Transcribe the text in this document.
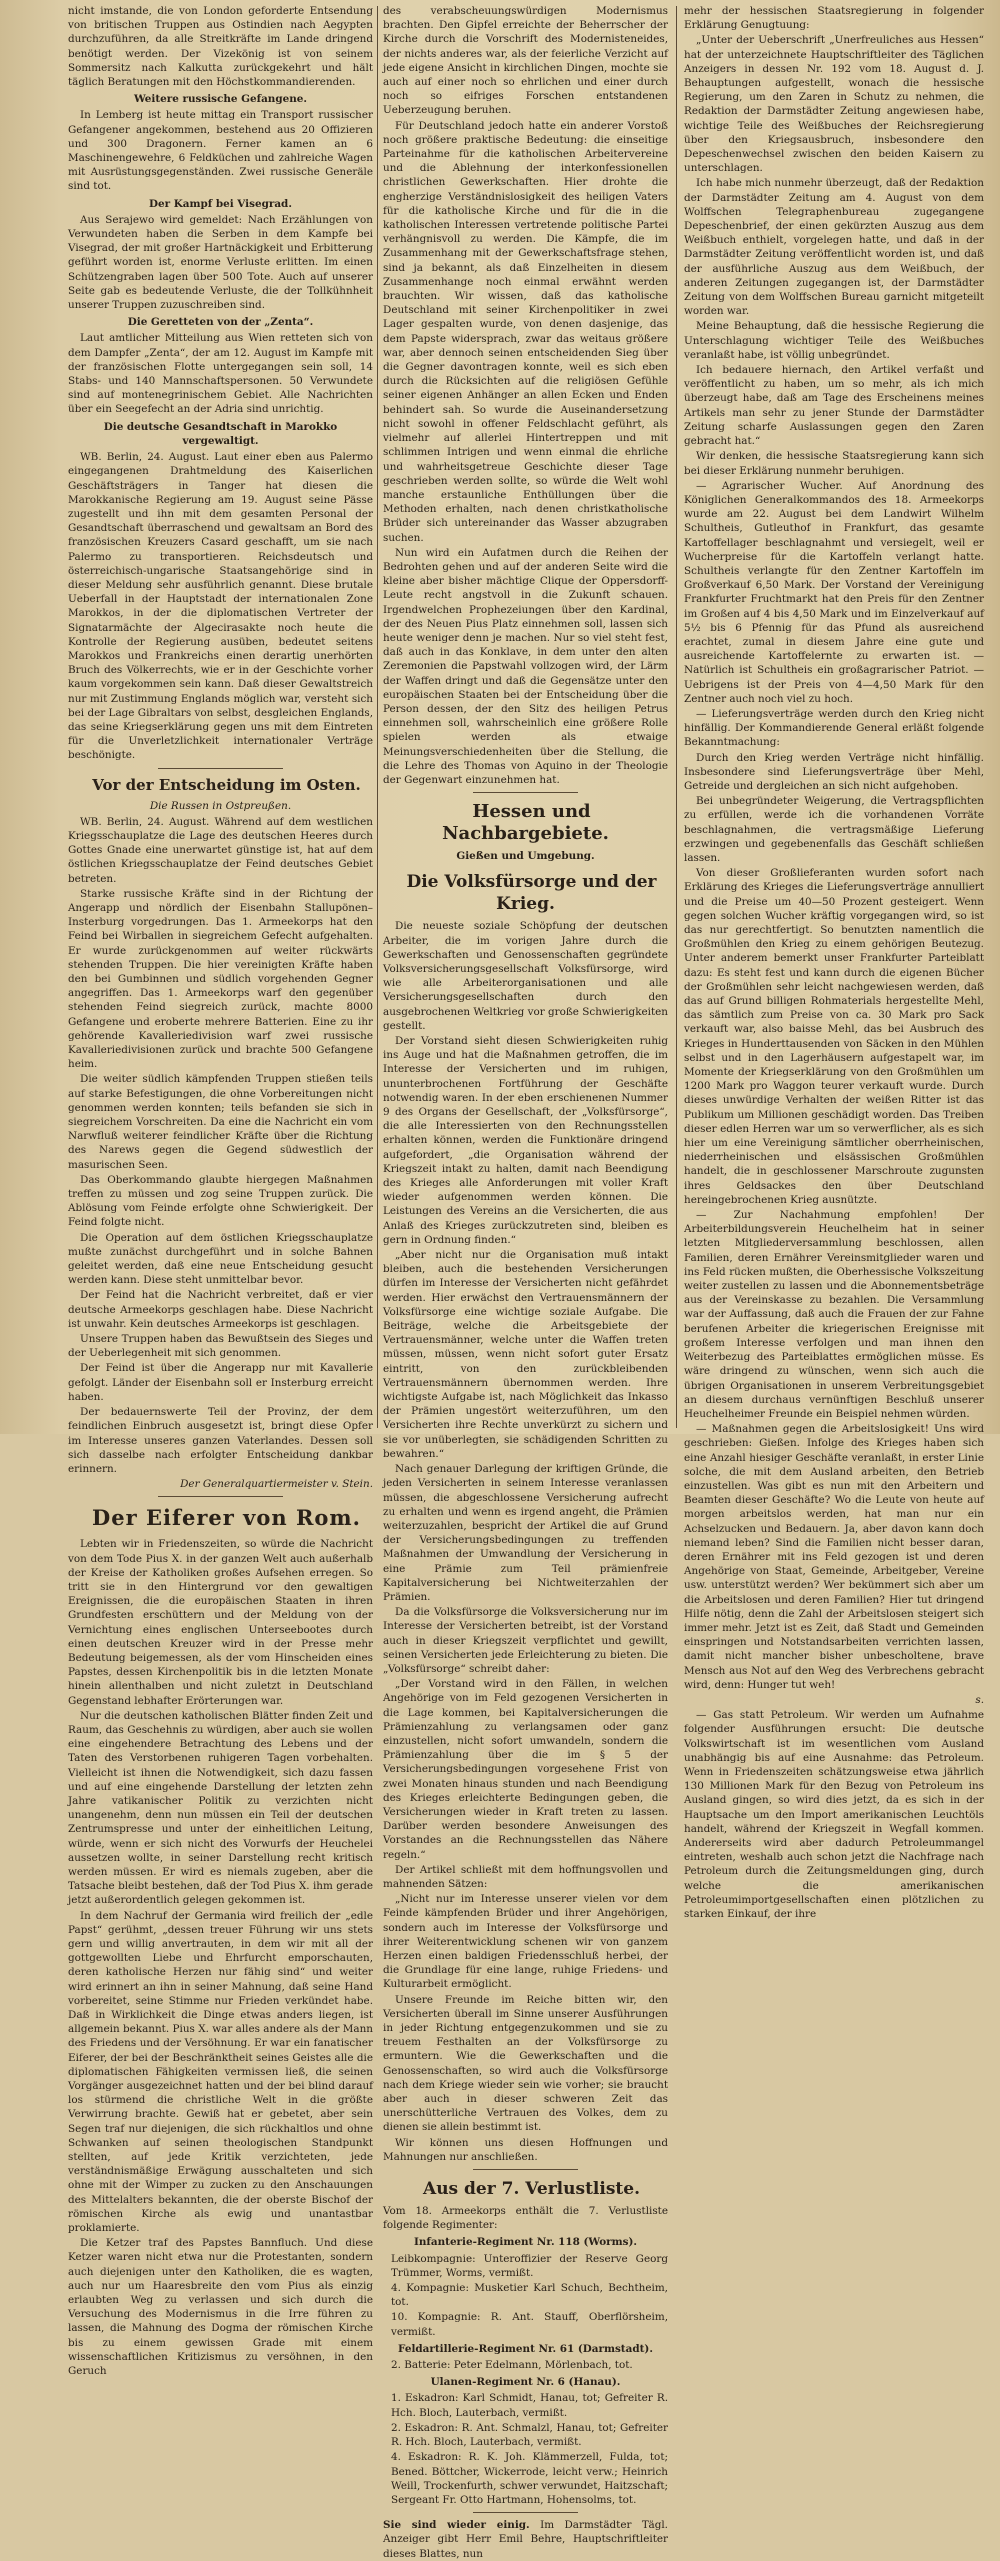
nicht imstande, die von London geforderte Entsendung von britischen Truppen aus Ostindien nach Aegypten durchzuführen, da alle Streitkräfte im Lande dringend benötigt werden. Der Vizekönig ist von seinem Sommersitz nach Kalkutta zurückgekehrt und hält täglich Beratungen mit den Höchstkommandierenden.

Weitere russische Gefangene.

In Lemberg ist heute mittag ein Transport russischer Gefangener angekommen, bestehend aus 20 Offizieren und 300 Dragonern. Ferner kamen an 6 Maschinengewehre, 6 Feldküchen und zahlreiche Wagen mit Ausrüstungsgegenständen. Zwei russische Generäle sind tot.

Der Kampf bei Visegrad.

Aus Serajewo wird gemeldet: Nach Erzählungen von Verwundeten haben die Serben in dem Kampfe bei Visegrad, der mit großer Hartnäckigkeit und Erbitterung geführt worden ist, enorme Verluste erlitten. Im einen Schützengraben lagen über 500 Tote. Auch auf unserer Seite gab es bedeutende Verluste, die der Tollkühnheit unserer Truppen zuzuschreiben sind.

Die Geretteten von der „Zenta“.

Laut amtlicher Mitteilung aus Wien retteten sich von dem Dampfer „Zenta“, der am 12. August im Kampfe mit der französischen Flotte untergegangen sein soll, 14 Stabs- und 140 Mannschaftspersonen. 50 Verwundete sind auf montenegrinischem Gebiet. Alle Nachrichten über ein Seegefecht an der Adria sind unrichtig.

Die deutsche Gesandtschaft in Marokko vergewaltigt.

WB. Berlin, 24. August. Laut einer eben aus Palermo eingegangenen Drahtmeldung des Kaiserlichen Geschäftsträgers in Tanger hat diesen die Marokkanische Regierung am 19. August seine Pässe zugestellt und ihn mit dem gesamten Personal der Gesandtschaft überraschend und gewaltsam an Bord des französischen Kreuzers Casard geschafft, um sie nach Palermo zu transportieren. Reichsdeutsch und österreichisch-ungarische Staatsangehörige sind in dieser Meldung sehr ausführlich genannt. Diese brutale Ueberfall in der Hauptstadt der internationalen Zone Marokkos, in der die diplomatischen Vertreter der Signatarmächte der Algecirasakte noch heute die Kontrolle der Regierung ausüben, bedeutet seitens Marokkos und Frankreichs einen derartig unerhörten Bruch des Völkerrechts, wie er in der Geschichte vorher kaum vorgekommen sein kann. Daß dieser Gewaltstreich nur mit Zustimmung Englands möglich war, versteht sich bei der Lage Gibraltars von selbst, desgleichen Englands, das seine Kriegserklärung gegen uns mit dem Eintreten für die Unverletzlichkeit internationaler Verträge beschönigte.

Vor der Entscheidung im Osten.

Die Russen in Ostpreußen.

WB. Berlin, 24. August. Während auf dem westlichen Kriegsschauplatze die Lage des deutschen Heeres durch Gottes Gnade eine unerwartet günstige ist, hat auf dem östlichen Kriegsschauplatze der Feind deutsches Gebiet betreten.

Starke russische Kräfte sind in der Richtung der Angerapp und nördlich der Eisenbahn Stallupönen–Insterburg vorgedrungen. Das 1. Armeekorps hat den Feind bei Wirballen in siegreichem Gefecht aufgehalten. Er wurde zurückgenommen auf weiter rückwärts stehenden Truppen. Die hier vereinigten Kräfte haben den bei Gumbinnen und südlich vorgehenden Gegner angegriffen. Das 1. Armeekorps warf den gegenüber stehenden Feind siegreich zurück, machte 8000 Gefangene und eroberte mehrere Batterien. Eine zu ihr gehörende Kavalleriedivision warf zwei russische Kavalleriedivisionen zurück und brachte 500 Gefangene heim.

Die weiter südlich kämpfenden Truppen stießen teils auf starke Befestigungen, die ohne Vorbereitungen nicht genommen werden konnten; teils befanden sie sich in siegreichem Vorschreiten. Da eine die Nachricht ein vom Narwfluß weiterer feindlicher Kräfte über die Richtung des Narews gegen die Gegend südwestlich der masurischen Seen.

Das Oberkommando glaubte hiergegen Maßnahmen treffen zu müssen und zog seine Truppen zurück. Die Ablösung vom Feinde erfolgte ohne Schwierigkeit. Der Feind folgte nicht.

Die Operation auf dem östlichen Kriegsschauplatze mußte zunächst durchgeführt und in solche Bahnen geleitet werden, daß eine neue Entscheidung gesucht werden kann. Diese steht unmittelbar bevor.

Der Feind hat die Nachricht verbreitet, daß er vier deutsche Armeekorps geschlagen habe. Diese Nachricht ist unwahr. Kein deutsches Armeekorps ist geschlagen.

Unsere Truppen haben das Bewußtsein des Sieges und der Ueberlegenheit mit sich genommen.

Der Feind ist über die Angerapp nur mit Kavallerie gefolgt. Länder der Eisenbahn soll er Insterburg erreicht haben.

Der bedauernswerte Teil der Provinz, der dem feindlichen Einbruch ausgesetzt ist, bringt diese Opfer im Interesse unseres ganzen Vaterlandes. Dessen soll sich dasselbe nach erfolgter Entscheidung dankbar erinnern.

Der Generalquartiermeister v. Stein.

Der Eiferer von Rom.

Lebten wir in Friedenszeiten, so würde die Nachricht von dem Tode Pius X. in der ganzen Welt auch außerhalb der Kreise der Katholiken großes Aufsehen erregen. So tritt sie in den Hintergrund vor den gewaltigen Ereignissen, die die europäischen Staaten in ihren Grundfesten erschüttern und der Meldung von der Vernichtung eines englischen Unterseebootes durch einen deutschen Kreuzer wird in der Presse mehr Bedeutung beigemessen, als der vom Hinscheiden eines Papstes, dessen Kirchenpolitik bis in die letzten Monate hinein allenthalben und nicht zuletzt in Deutschland Gegenstand lebhafter Erörterungen war.

Nur die deutschen katholischen Blätter finden Zeit und Raum, das Geschehnis zu würdigen, aber auch sie wollen eine eingehendere Betrachtung des Lebens und der Taten des Verstorbenen ruhigeren Tagen vorbehalten. Vielleicht ist ihnen die Notwendigkeit, sich dazu fassen und auf eine eingehende Darstellung der letzten zehn Jahre vatikanischer Politik zu verzichten nicht unangenehm, denn nun müssen ein Teil der deutschen Zentrumspresse und unter der einheitlichen Leitung, würde, wenn er sich nicht des Vorwurfs der Heuchelei aussetzen wollte, in seiner Darstellung recht kritisch werden müssen. Er wird es niemals zugeben, aber die Tatsache bleibt bestehen, daß der Tod Pius X. ihm gerade jetzt außerordentlich gelegen gekommen ist.

In dem Nachruf der Germania wird freilich der „edle Papst“ gerühmt, „dessen treuer Führung wir uns stets gern und willig anvertrauten, in dem wir mit all der gottgewollten Liebe und Ehrfurcht emporschauten, deren katholische Herzen nur fähig sind“ und weiter wird erinnert an ihn in seiner Mahnung, daß seine Hand vorbereitet, seine Stimme nur Frieden verkündet habe. Daß in Wirklichkeit die Dinge etwas anders liegen, ist allgemein bekannt. Pius X. war alles andere als der Mann des Friedens und der Versöhnung. Er war ein fanatischer Eiferer, der bei der Beschränktheit seines Geistes alle die diplomatischen Fähigkeiten vermissen ließ, die seinen Vorgänger ausgezeichnet hatten und der bei blind darauf los stürmend die christliche Welt in die größte Verwirrung brachte. Gewiß hat er gebetet, aber sein Segen traf nur diejenigen, die sich rückhaltlos und ohne Schwanken auf seinen theologischen Standpunkt stellten, auf jede Kritik verzichteten, jede verständnismäßige Erwägung ausschalteten und sich ohne mit der Wimper zu zucken zu den Anschauungen des Mittelalters bekannten, die der oberste Bischof der römischen Kirche als ewig und unantastbar proklamierte.

Die Ketzer traf des Papstes Bannfluch. Und diese Ketzer waren nicht etwa nur die Protestanten, sondern auch diejenigen unter den Katholiken, die es wagten, auch nur um Haaresbreite den vom Pius als einzig erlaubten Weg zu verlassen und sich durch die Versuchung des Modernismus in die Irre führen zu lassen, die Mahnung des Dogma der römischen Kirche bis zu einem gewissen Grade mit einem wissenschaftlichen Kritizismus zu versöhnen, in den Geruch

des verabscheuungswürdigen Modernismus brachten. Den Gipfel erreichte der Beherrscher der Kirche durch die Vorschrift des Modernisteneides, der nichts anderes war, als der feierliche Verzicht auf jede eigene Ansicht in kirchlichen Dingen, mochte sie auch auf einer noch so ehrlichen und einer durch noch so eifriges Forschen entstandenen Ueberzeugung beruhen.

Für Deutschland jedoch hatte ein anderer Vorstoß noch größere praktische Bedeutung: die einseitige Parteinahme für die katholischen Arbeitervereine und die Ablehnung der interkonfessionellen christlichen Gewerkschaften. Hier drohte die engherzige Verständnislosigkeit des heiligen Vaters für die katholische Kirche und für die in die katholischen Interessen vertretende politische Partei verhängnisvoll zu werden. Die Kämpfe, die im Zusammenhang mit der Gewerkschaftsfrage stehen, sind ja bekannt, als daß Einzelheiten in diesem Zusammenhange noch einmal erwähnt werden brauchten. Wir wissen, daß das katholische Deutschland mit seiner Kirchenpolitiker in zwei Lager gespalten wurde, von denen dasjenige, das dem Papste widersprach, zwar das weitaus größere war, aber dennoch seinen entscheidenden Sieg über die Gegner davontragen konnte, weil es sich eben durch die Rücksichten auf die religiösen Gefühle seiner eigenen Anhänger an allen Ecken und Enden behindert sah. So wurde die Auseinandersetzung nicht sowohl in offener Feldschlacht geführt, als vielmehr auf allerlei Hintertreppen und mit schlimmen Intrigen und wenn einmal die ehrliche und wahrheitsgetreue Geschichte dieser Tage geschrieben werden sollte, so würde die Welt wohl manche erstaunliche Enthüllungen über die Methoden erhalten, nach denen christkatholische Brüder sich untereinander das Wasser abzugraben suchen.

Nun wird ein Aufatmen durch die Reihen der Bedrohten gehen und auf der anderen Seite wird die kleine aber bisher mächtige Clique der Oppersdorff-Leute recht angstvoll in die Zukunft schauen. Irgendwelchen Prophezeiungen über den Kardinal, der des Neuen Pius Platz einnehmen soll, lassen sich heute weniger denn je machen. Nur so viel steht fest, daß auch in das Konklave, in dem unter den alten Zeremonien die Papstwahl vollzogen wird, der Lärm der Waffen dringt und daß die Gegensätze unter den europäischen Staaten bei der Entscheidung über die Person dessen, der den Sitz des heiligen Petrus einnehmen soll, wahrscheinlich eine größere Rolle spielen werden als etwaige Meinungsverschiedenheiten über die Stellung, die die Lehre des Thomas von Aquino in der Theologie der Gegenwart einzunehmen hat.

Hessen und Nachbargebiete.

Gießen und Umgebung.

Die Volksfürsorge und der Krieg.

Die neueste soziale Schöpfung der deutschen Arbeiter, die im vorigen Jahre durch die Gewerkschaften und Genossenschaften gegründete Volksversicherungsgesellschaft Volksfürsorge, wird wie alle Arbeiterorganisationen und alle Versicherungsgesellschaften durch den ausgebrochenen Weltkrieg vor große Schwierigkeiten gestellt.

Der Vorstand sieht diesen Schwierigkeiten ruhig ins Auge und hat die Maßnahmen getroffen, die im Interesse der Versicherten und im ruhigen, ununterbrochenen Fortführung der Geschäfte notwendig waren. In der eben erschienenen Nummer 9 des Organs der Gesellschaft, der „Volksfürsorge“, die alle Interessierten von den Rechnungsstellen erhalten können, werden die Funktionäre dringend aufgefordert, „die Organisation während der Kriegszeit intakt zu halten, damit nach Beendigung des Krieges alle Anforderungen mit voller Kraft wieder aufgenommen werden können. Die Leistungen des Vereins an die Versicherten, die aus Anlaß des Krieges zurückzutreten sind, bleiben es gern in Ordnung finden.“

„Aber nicht nur die Organisation muß intakt bleiben, auch die bestehenden Versicherungen dürfen im Interesse der Versicherten nicht gefährdet werden. Hier erwächst den Vertrauensmännern der Volksfürsorge eine wichtige soziale Aufgabe. Die Beiträge, welche die Arbeitsgebiete der Vertrauensmänner, welche unter die Waffen treten müssen, müssen, wenn nicht sofort guter Ersatz eintritt, von den zurückbleibenden Vertrauensmännern übernommen werden. Ihre wichtigste Aufgabe ist, nach Möglichkeit das Inkasso der Prämien ungestört weiterzuführen, um den Versicherten ihre Rechte unverkürzt zu sichern und sie vor unüberlegten, sie schädigenden Schritten zu bewahren.“

Nach genauer Darlegung der kriftigen Gründe, die jeden Versicherten in seinem Interesse veranlassen müssen, die abgeschlossene Versicherung aufrecht zu erhalten und wenn es irgend angeht, die Prämien weiterzuzahlen, bespricht der Artikel die auf Grund der Versicherungsbedingungen zu treffenden Maßnahmen der Umwandlung der Versicherung in eine Prämie zum Teil prämienfreie Kapitalversicherung bei Nichtweiterzahlen der Prämien.

Da die Volksfürsorge die Volksversicherung nur im Interesse der Versicherten betreibt, ist der Vorstand auch in dieser Kriegszeit verpflichtet und gewillt, seinen Versicherten jede Erleichterung zu bieten. Die „Volksfürsorge“ schreibt daher:

„Der Vorstand wird in den Fällen, in welchen Angehörige von im Feld gezogenen Versicherten in die Lage kommen, bei Kapitalversicherungen die Prämienzahlung zu verlangsamen oder ganz einzustellen, nicht sofort umwandeln, sondern die Prämienzahlung über die im § 5 der Versicherungsbedingungen vorgesehene Frist von zwei Monaten hinaus stunden und nach Beendigung des Krieges erleichterte Bedingungen geben, die Versicherungen wieder in Kraft treten zu lassen. Darüber werden besondere Anweisungen des Vorstandes an die Rechnungsstellen das Nähere regeln.“

Der Artikel schließt mit dem hoffnungsvollen und mahnenden Sätzen:

„Nicht nur im Interesse unserer vielen vor dem Feinde kämpfenden Brüder und ihrer Angehörigen, sondern auch im Interesse der Volksfürsorge und ihrer Weiterentwicklung schenen wir von ganzem Herzen einen baldigen Friedensschluß herbei, der die Grundlage für eine lange, ruhige Friedens- und Kulturarbeit ermöglicht.

Unsere Freunde im Reiche bitten wir, den Versicherten überall im Sinne unserer Ausführungen in jeder Richtung entgegenzukommen und sie zu treuem Festhalten an der Volksfürsorge zu ermuntern. Wie die Gewerkschaften und die Genossenschaften, so wird auch die Volksfürsorge nach dem Kriege wieder sein wie vorher; sie braucht aber auch in dieser schweren Zeit das unerschütterliche Vertrauen des Volkes, dem zu dienen sie allein bestimmt ist.

Wir können uns diesen Hoffnungen und Mahnungen nur anschließen.

Aus der 7. Verlustliste.

Vom 18. Armeekorps enthält die 7. Verlustliste folgende Regimenter:

Infanterie-Regiment Nr. 118 (Worms).

Leibkompagnie: Unteroffizier der Reserve Georg Trümmer, Worms, vermißt.

4. Kompagnie: Musketier Karl Schuch, Bechtheim, tot.

10. Kompagnie: R. Ant. Stauff, Oberflörsheim, vermißt.

Feldartillerie-Regiment Nr. 61 (Darmstadt).

2. Batterie: Peter Edelmann, Mörlenbach, tot.

Ulanen-Regiment Nr. 6 (Hanau).

1. Eskadron: Karl Schmidt, Hanau, tot; Gefreiter R. Hch. Bloch, Lauterbach, vermißt.

2. Eskadron: R. Ant. Schmalzl, Hanau, tot; Gefreiter R. Hch. Bloch, Lauterbach, vermißt.

4. Eskadron: R. K. Joh. Klämmerzell, Fulda, tot; Bened. Böttcher, Wickerrode, leicht verw.; Heinrich Weill, Trockenfurth, schwer verwundet, Haitzschaft; Sergeant Fr. Otto Hartmann, Hohensolms, tot.

Sie sind wieder einig. Im Darmstädter Tägl. Anzeiger gibt Herr Emil Behre, Hauptschriftleiter dieses Blattes, nun

mehr der hessischen Staatsregierung in folgender Erklärung Genugtuung:

„Unter der Ueberschrift „Unerfreuliches aus Hessen“ hat der unterzeichnete Hauptschriftleiter des Täglichen Anzeigers in dessen Nr. 192 vom 18. August d. J. Behauptungen aufgestellt, wonach die hessische Regierung, um den Zaren in Schutz zu nehmen, die Redaktion der Darmstädter Zeitung angewiesen habe, wichtige Teile des Weißbuches der Reichsregierung über den Kriegsausbruch, insbesondere den Depeschenwechsel zwischen den beiden Kaisern zu unterschlagen.

Ich habe mich nunmehr überzeugt, daß der Redaktion der Darmstädter Zeitung am 4. August von dem Wolffschen Telegraphenbureau zugegangene Depeschenbrief, der einen gekürzten Auszug aus dem Weißbuch enthielt, vorgelegen hatte, und daß in der Darmstädter Zeitung veröffentlicht worden ist, und daß der ausführliche Auszug aus dem Weißbuch, der anderen Zeitungen zugegangen ist, der Darmstädter Zeitung von dem Wolffschen Bureau garnicht mitgeteilt worden war.

Meine Behauptung, daß die hessische Regierung die Unterschlagung wichtiger Teile des Weißbuches veranlaßt habe, ist völlig unbegründet.

Ich bedauere hiernach, den Artikel verfaßt und veröffentlicht zu haben, um so mehr, als ich mich überzeugt habe, daß am Tage des Erscheinens meines Artikels man sehr zu jener Stunde der Darmstädter Zeitung scharfe Auslassungen gegen den Zaren gebracht hat.“

Wir denken, die hessische Staatsregierung kann sich bei dieser Erklärung nunmehr beruhigen.

— Agrarischer Wucher. Auf Anordnung des Königlichen Generalkommandos des 18. Armeekorps wurde am 22. August bei dem Landwirt Wilhelm Schultheis, Gutleuthof in Frankfurt, das gesamte Kartoffellager beschlagnahmt und versiegelt, weil er Wucherpreise für die Kartoffeln verlangt hatte. Schultheis verlangte für den Zentner Kartoffeln im Großverkauf 6,50 Mark. Der Vorstand der Vereinigung Frankfurter Fruchtmarkt hat den Preis für den Zentner im Großen auf 4 bis 4,50 Mark und im Einzelverkauf auf 5½ bis 6 Pfennig für das Pfund als ausreichend erachtet, zumal in diesem Jahre eine gute und ausreichende Kartoffelernte zu erwarten ist. — Natürlich ist Schultheis ein großagrarischer Patriot. — Uebrigens ist der Preis von 4—4,50 Mark für den Zentner auch noch viel zu hoch.

— Lieferungsverträge werden durch den Krieg nicht hinfällig. Der Kommandierende General erläßt folgende Bekanntmachung:

Durch den Krieg werden Verträge nicht hinfällig. Insbesondere sind Lieferungsverträge über Mehl, Getreide und dergleichen an sich nicht aufgehoben.

Bei unbegründeter Weigerung, die Vertragspflichten zu erfüllen, werde ich die vorhandenen Vorräte beschlagnahmen, die vertragsmäßige Lieferung erzwingen und gegebenenfalls das Geschäft schließen lassen.

Von dieser Großlieferanten wurden sofort nach Erklärung des Krieges die Lieferungsverträge annulliert und die Preise um 40—50 Prozent gesteigert. Wenn gegen solchen Wucher kräftig vorgegangen wird, so ist das nur gerechtfertigt. So benutzten namentlich die Großmühlen den Krieg zu einem gehörigen Beutezug. Unter anderem bemerkt unser Frankfurter Parteiblatt dazu: Es steht fest und kann durch die eigenen Bücher der Großmühlen sehr leicht nachgewiesen werden, daß das auf Grund billigen Rohmaterials hergestellte Mehl, das sämtlich zum Preise von ca. 30 Mark pro Sack verkauft war, also baisse Mehl, das bei Ausbruch des Krieges in Hunderttausenden von Säcken in den Mühlen selbst und in den Lagerhäusern aufgestapelt war, im Momente der Kriegserklärung von den Großmühlen um 1200 Mark pro Waggon teurer verkauft wurde. Durch dieses unwürdige Verhalten der weißen Ritter ist das Publikum um Millionen geschädigt worden. Das Treiben dieser edlen Herren war um so verwerflicher, als es sich hier um eine Vereinigung sämtlicher oberrheinischen, niederrheinischen und elsässischen Großmühlen handelt, die in geschlossener Marschroute zugunsten ihres Geldsackes den über Deutschland hereingebrochenen Krieg ausnützte.

— Zur Nachahmung empfohlen! Der Arbeiterbildungsverein Heuchelheim hat in seiner letzten Mitgliederversammlung beschlossen, allen Familien, deren Ernährer Vereinsmitglieder waren und ins Feld rücken mußten, die Oberhessische Volkszeitung weiter zustellen zu lassen und die Abonnementsbeträge aus der Vereinskasse zu bezahlen. Die Versammlung war der Auffassung, daß auch die Frauen der zur Fahne berufenen Arbeiter die kriegerischen Ereignisse mit großem Interesse verfolgen und man ihnen den Weiterbezug des Parteiblattes ermöglichen müsse. Es wäre dringend zu wünschen, wenn sich auch die übrigen Organisationen in unserem Verbreitungsgebiet an diesem durchaus vernünftigen Beschluß unserer Heuchelheimer Freunde ein Beispiel nehmen würden.

— Maßnahmen gegen die Arbeitslosigkeit! Uns wird geschrieben: Gießen. Infolge des Krieges haben sich eine Anzahl hiesiger Geschäfte veranlaßt, in erster Linie solche, die mit dem Ausland arbeiten, den Betrieb einzustellen. Was gibt es nun mit den Arbeitern und Beamten dieser Geschäfte? Wo die Leute von heute auf morgen arbeitslos werden, hat man nur ein Achselzucken und Bedauern. Ja, aber davon kann doch niemand leben? Sind die Familien nicht besser daran, deren Ernährer mit ins Feld gezogen ist und deren Angehörige von Staat, Gemeinde, Arbeitgeber, Vereine usw. unterstützt werden? Wer bekümmert sich aber um die Arbeitslosen und deren Familien? Hier tut dringend Hilfe nötig, denn die Zahl der Arbeitslosen steigert sich immer mehr. Jetzt ist es Zeit, daß Stadt und Gemeinden einspringen und Notstandsarbeiten verrichten lassen, damit nicht mancher bisher unbescholtene, brave Mensch aus Not auf den Weg des Verbrechens gebracht wird, denn: Hunger tut weh!

s.

— Gas statt Petroleum. Wir werden um Aufnahme folgender Ausführungen ersucht: Die deutsche Volkswirtschaft ist im wesentlichen vom Ausland unabhängig bis auf eine Ausnahme: das Petroleum. Wenn in Friedenszeiten schätzungsweise etwa jährlich 130 Millionen Mark für den Bezug von Petroleum ins Ausland gingen, so wird dies jetzt, da es sich in der Hauptsache um den Import amerikanischen Leuchtöls handelt, während der Kriegszeit in Wegfall kommen. Andererseits wird aber dadurch Petroleummangel eintreten, weshalb auch schon jetzt die Nachfrage nach Petroleum durch die Zeitungsmeldungen ging, durch welche die amerikanischen Petroleumimportgesellschaften einen plötzlichen zu starken Einkauf, der ihre
